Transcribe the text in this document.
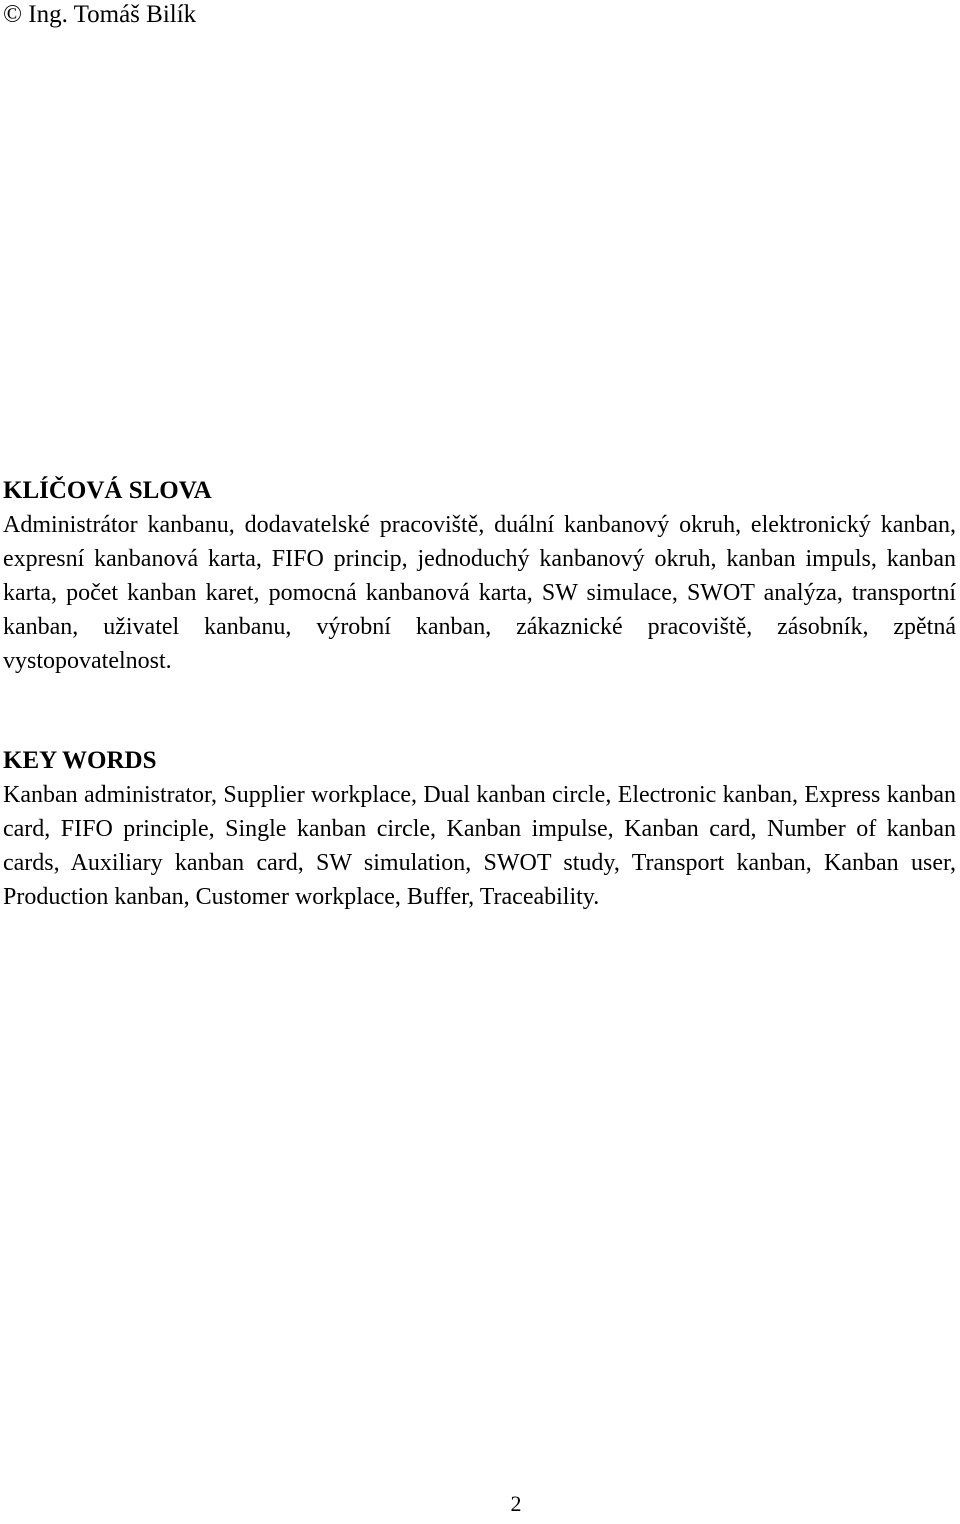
© Ing. Tomáš Bilík
KLÍČOVÁ SLOVA

Administrátor kanbanu, dodavatelské pracoviště, duální kanbanový okruh, elektronický kanban, expresní kanbanová karta, FIFO princip, jednoduchý kanbanový okruh, kanban impuls, kanban karta, počet kanban karet, pomocná kanbanová karta, SW simulace, SWOT analýza, transportní kanban, uživatel kanbanu, výrobní kanban, zákaznické pracoviště, zásobník, zpětná vystopovatelnost.

KEY WORDS

Kanban administrator, Supplier workplace, Dual kanban circle, Electronic kanban, Express kanban card, FIFO principle, Single kanban circle, Kanban impulse, Kanban card, Number of kanban cards, Auxiliary kanban card, SW simulation, SWOT study, Transport kanban, Kanban user, Production kanban, Customer workplace, Buffer, Traceability.

2
